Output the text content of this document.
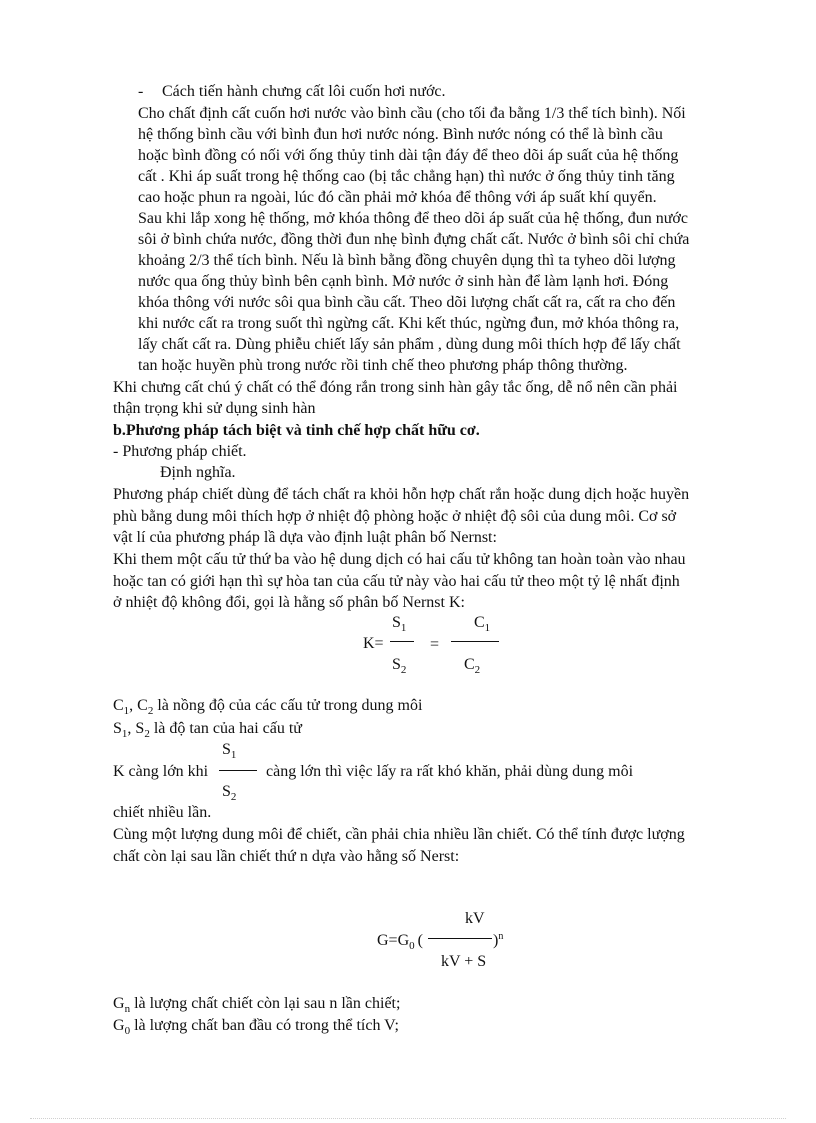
- Cách tiến hành chưng cất lôi cuốn hơi nước.
Cho chất định cất cuốn hơi nước vào bình cầu (cho tối đa bằng 1/3 thể tích bình). Nối
hệ thống bình cầu với bình đun hơi nước nóng. Bình nước nóng có thể là bình cầu
hoặc bình đồng có nối với ống thủy tinh dài tận đáy để theo dõi áp suất của hệ thống
cất . Khi áp suất trong hệ thống cao (bị tắc chẳng hạn) thì nước ở ống thủy tinh tăng
cao hoặc phun ra ngoài, lúc đó cần phải mở khóa để thông với áp suất khí quyển.
Sau khi lắp xong hệ thống, mở khóa thông để theo dõi áp suất của hệ thống, đun nước
sôi ở bình chứa nước, đồng thời đun nhẹ bình đựng chất cất. Nước ở bình sôi chỉ chứa
khoảng 2/3 thể tích bình. Nếu là bình bằng đồng chuyên dụng thì ta tyheo dõi lượng
nước qua ống thủy bình bên cạnh bình. Mở nước ở sinh hàn để làm lạnh hơi. Đóng
khóa thông với nước sôi qua bình cầu cất. Theo dõi lượng chất cất ra, cất ra cho đến
khi nước cất ra trong suốt thì ngừng cất. Khi kết thúc, ngừng đun, mở khóa thông ra,
lấy chất cất ra. Dùng phiễu chiết lấy sản phẩm , dùng dung môi thích hợp để lấy chất
tan hoặc huyền phù trong nước rồi tinh chế theo phương pháp thông thường.
Khi chưng cất chú ý chất có thể đóng rắn trong sinh hàn gây tắc ống, dễ nổ nên cần phải
thận trọng khi sử dụng sinh hàn
b.Phương pháp tách biệt và tinh chế hợp chất hữu cơ.
- Phương pháp chiết.
Định nghĩa.
Phương pháp chiết dùng để tách chất ra khỏi hỗn hợp chất rắn hoặc dung dịch hoặc huyền
phù bằng dung môi thích hợp ở nhiệt độ phòng hoặc ở nhiệt độ sôi của dung môi. Cơ sở
vật lí của phương pháp lầ dựa vào định luật phân bố Nernst:
Khi them một cấu tử thứ ba vào hệ dung dịch có hai cấu tử không tan hoàn toàn vào nhau
hoặc tan có giới hạn thì sự hòa tan của cấu tử này vào hai cấu tử theo một tỷ lệ nhất định
ở nhiệt độ không đổi, gọi là hằng số phân bố Nernst K:
K=
$S_1$
$S_2$
=
$C_1$
$C_2$
$C_1$, $C_2$ là nồng độ của các cấu tử trong dung môi
$S_1$, $S_2$ là độ tan của hai cấu tử
$S_1$
$S_2$
K càng lớn khi	càng lớn thì việc lấy ra rất khó khăn, phải dùng dung môi
chiết nhiều lần.
Cùng một lượng dung môi để chiết, cần phải chia nhiều lần chiết. Có thể tính được lượng
chất còn lại sau lần chiết thứ n dựa vào hằng số Nerst:
$G=G_0$ (
kV
kV + S
)$^n$
$G_n$ là lượng chất chiết còn lại sau n lần chiết;
$G_0$ là lượng chất ban đầu có trong thể tích V;
